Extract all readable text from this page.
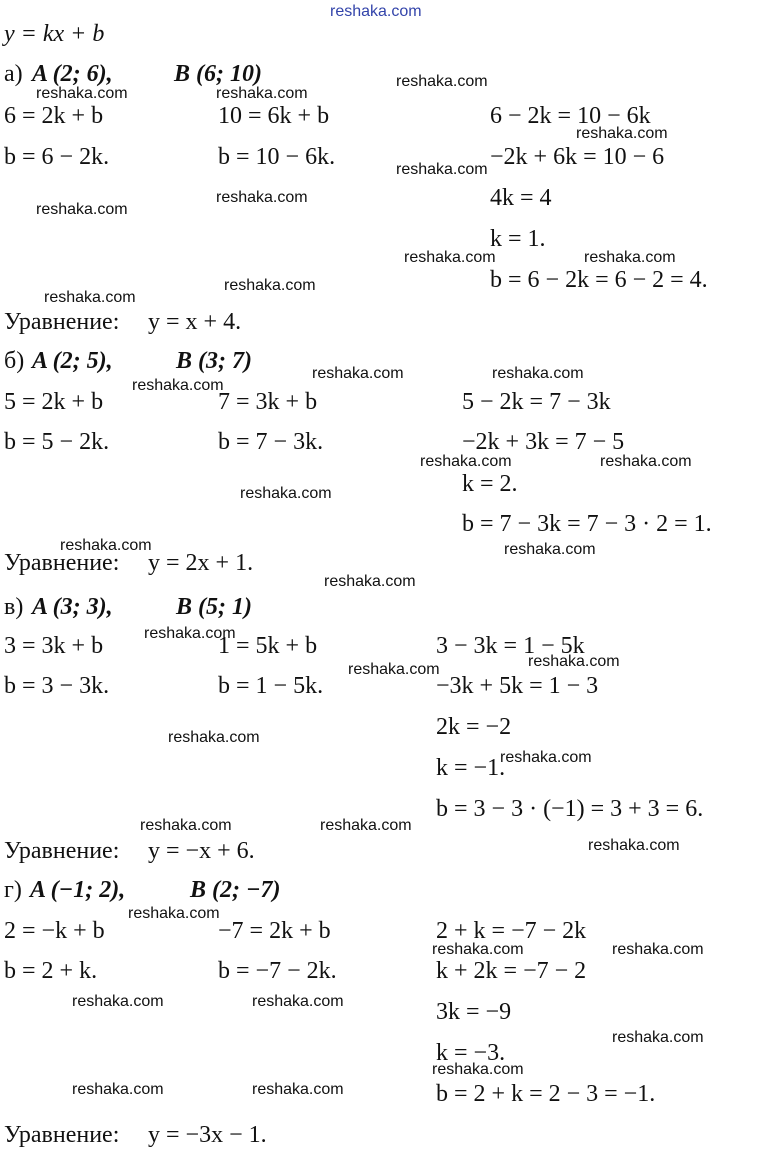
reshaka.com
y = kx + b
а) A (2; 6),	B (6; 10)
6 = 2k + b
b = 6 − 2k.
10 = 6k + b
b = 10 − 6k.
6 − 2k = 10 − 6k
−2k + 6k = 10 − 6
4k = 4
k = 1.
b = 6 − 2k = 6 − 2 = 4.
Уравнение: y = x + 4.
б) A (2; 5),	B (3; 7)
5 = 2k + b
b = 5 − 2k.
7 = 3k + b
b = 7 − 3k.
5 − 2k = 7 − 3k
−2k + 3k = 7 − 5
k = 2.
b = 7 − 3k = 7 − 3 · 2 = 1.
Уравнение: y = 2x + 1.
в) A (3; 3),	B (5; 1)
3 = 3k + b
b = 3 − 3k.
1 = 5k + b
b = 1 − 5k.
3 − 3k = 1 − 5k
−3k + 5k = 1 − 3
2k = −2
k = −1.
b = 3 − 3 · (−1) = 3 + 3 = 6.
Уравнение: y = −x + 6.
г) A (−1; 2),	B (2; −7)
2 = −k + b
b = 2 + k.
−7 = 2k + b
b = −7 − 2k.
2 + k = −7 − 2k
k + 2k = −7 − 2
3k = −9
k = −3.
b = 2 + k = 2 − 3 = −1.
Уравнение: y = −3x − 1.
reshaka.com
reshaka.com	reshaka.com
reshaka.com
reshaka.com
reshaka.com
reshaka.com
reshaka.com	reshaka.com
reshaka.com
reshaka.com
reshaka.com	reshaka.com
reshaka.com
reshaka.com	reshaka.com
reshaka.com
reshaka.com	reshaka.com
reshaka.com
reshaka.com
reshaka.com
reshaka.com
reshaka.com
reshaka.com
reshaka.com	reshaka.com
reshaka.com
reshaka.com
reshaka.com	reshaka.com
reshaka.com	reshaka.com
reshaka.com
reshaka.com
reshaka.com	reshaka.com
